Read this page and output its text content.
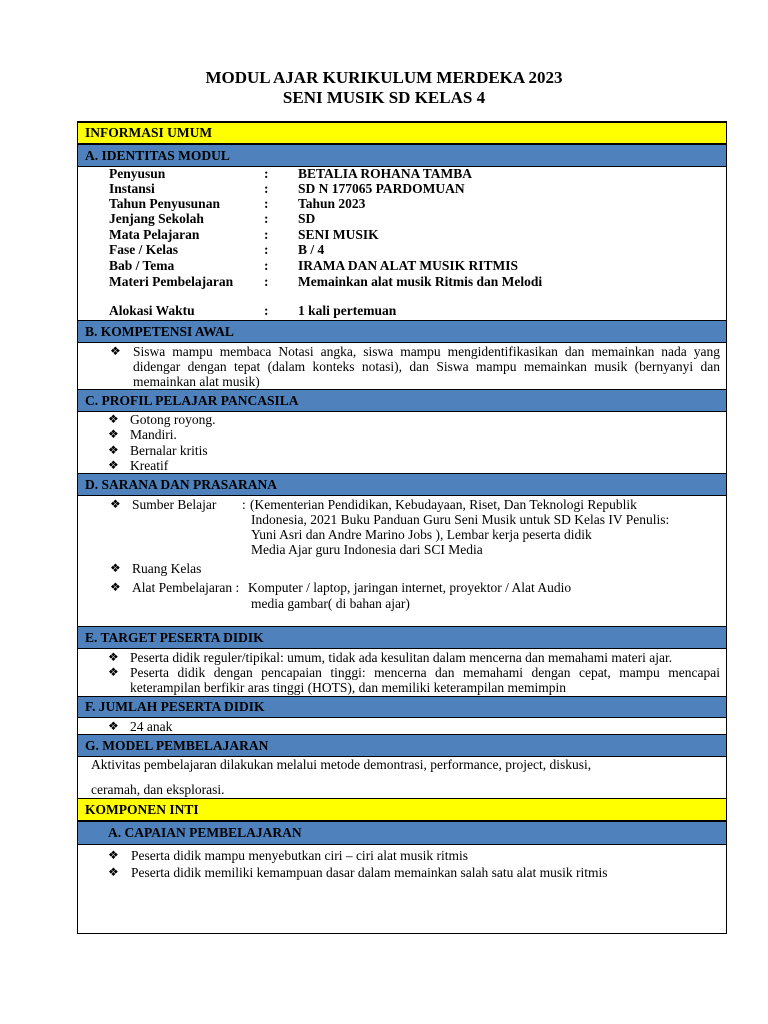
MODUL AJAR KURIKULUM MERDEKA 2023
SENI MUSIK SD KELAS 4
INFORMASI UMUM
A. IDENTITAS MODUL
Penyusun	: BETALIA ROHANA TAMBA
Instansi	: SD N 177065 PARDOMUAN
Tahun Penyusunan	: Tahun 2023
Jenjang Sekolah	: SD
Mata Pelajaran	: SENI MUSIK
Fase / Kelas	: B / 4
Bab / Tema	: IRAMA DAN ALAT MUSIK RITMIS
Materi Pembelajaran : Memainkan alat musik Ritmis dan Melodi
Alokasi Waktu	: 1 kali pertemuan
B. KOMPETENSI AWAL
❖ Siswa mampu membaca Notasi angka, siswa mampu mengidentifikasikan dan memainkan nada yang didengar dengan tepat (dalam konteks notasi), dan Siswa mampu memainkan musik (bernyanyi dan memainkan alat musik)
C. PROFIL PELAJAR PANCASILA
❖ Gotong royong.
❖ Mandiri.
❖ Bernalar kritis
❖ Kreatif
D. SARANA DAN PRASARANA
❖ Sumber Belajar : (Kementerian Pendidikan, Kebudayaan, Riset, Dan Teknologi Republik
Indonesia, 2021 Buku Panduan Guru Seni Musik untuk SD Kelas IV Penulis:
Yuni Asri dan Andre Marino Jobs ), Lembar kerja peserta didik
Media Ajar guru Indonesia dari SCI Media
❖ Ruang Kelas
❖ Alat Pembelajaran : Komputer / laptop, jaringan internet, proyektor / Alat Audio
media gambar( di bahan ajar)
E. TARGET PESERTA DIDIK
❖ Peserta didik reguler/tipikal: umum, tidak ada kesulitan dalam mencerna dan memahami materi ajar.
❖ Peserta didik dengan pencapaian tinggi: mencerna dan memahami dengan cepat, mampu mencapai keterampilan berfikir aras tinggi (HOTS), dan memiliki keterampilan memimpin
F. JUMLAH PESERTA DIDIK
❖ 24 anak
G. MODEL PEMBELAJARAN
Aktivitas pembelajaran dilakukan melalui metode demontrasi, performance, project, diskusi,
ceramah, dan eksplorasi.
KOMPONEN INTI
A. CAPAIAN PEMBELAJARAN
❖ Peserta didik mampu menyebutkan ciri – ciri alat musik ritmis
❖ Peserta didik memiliki kemampuan dasar dalam memainkan salah satu alat musik ritmis
